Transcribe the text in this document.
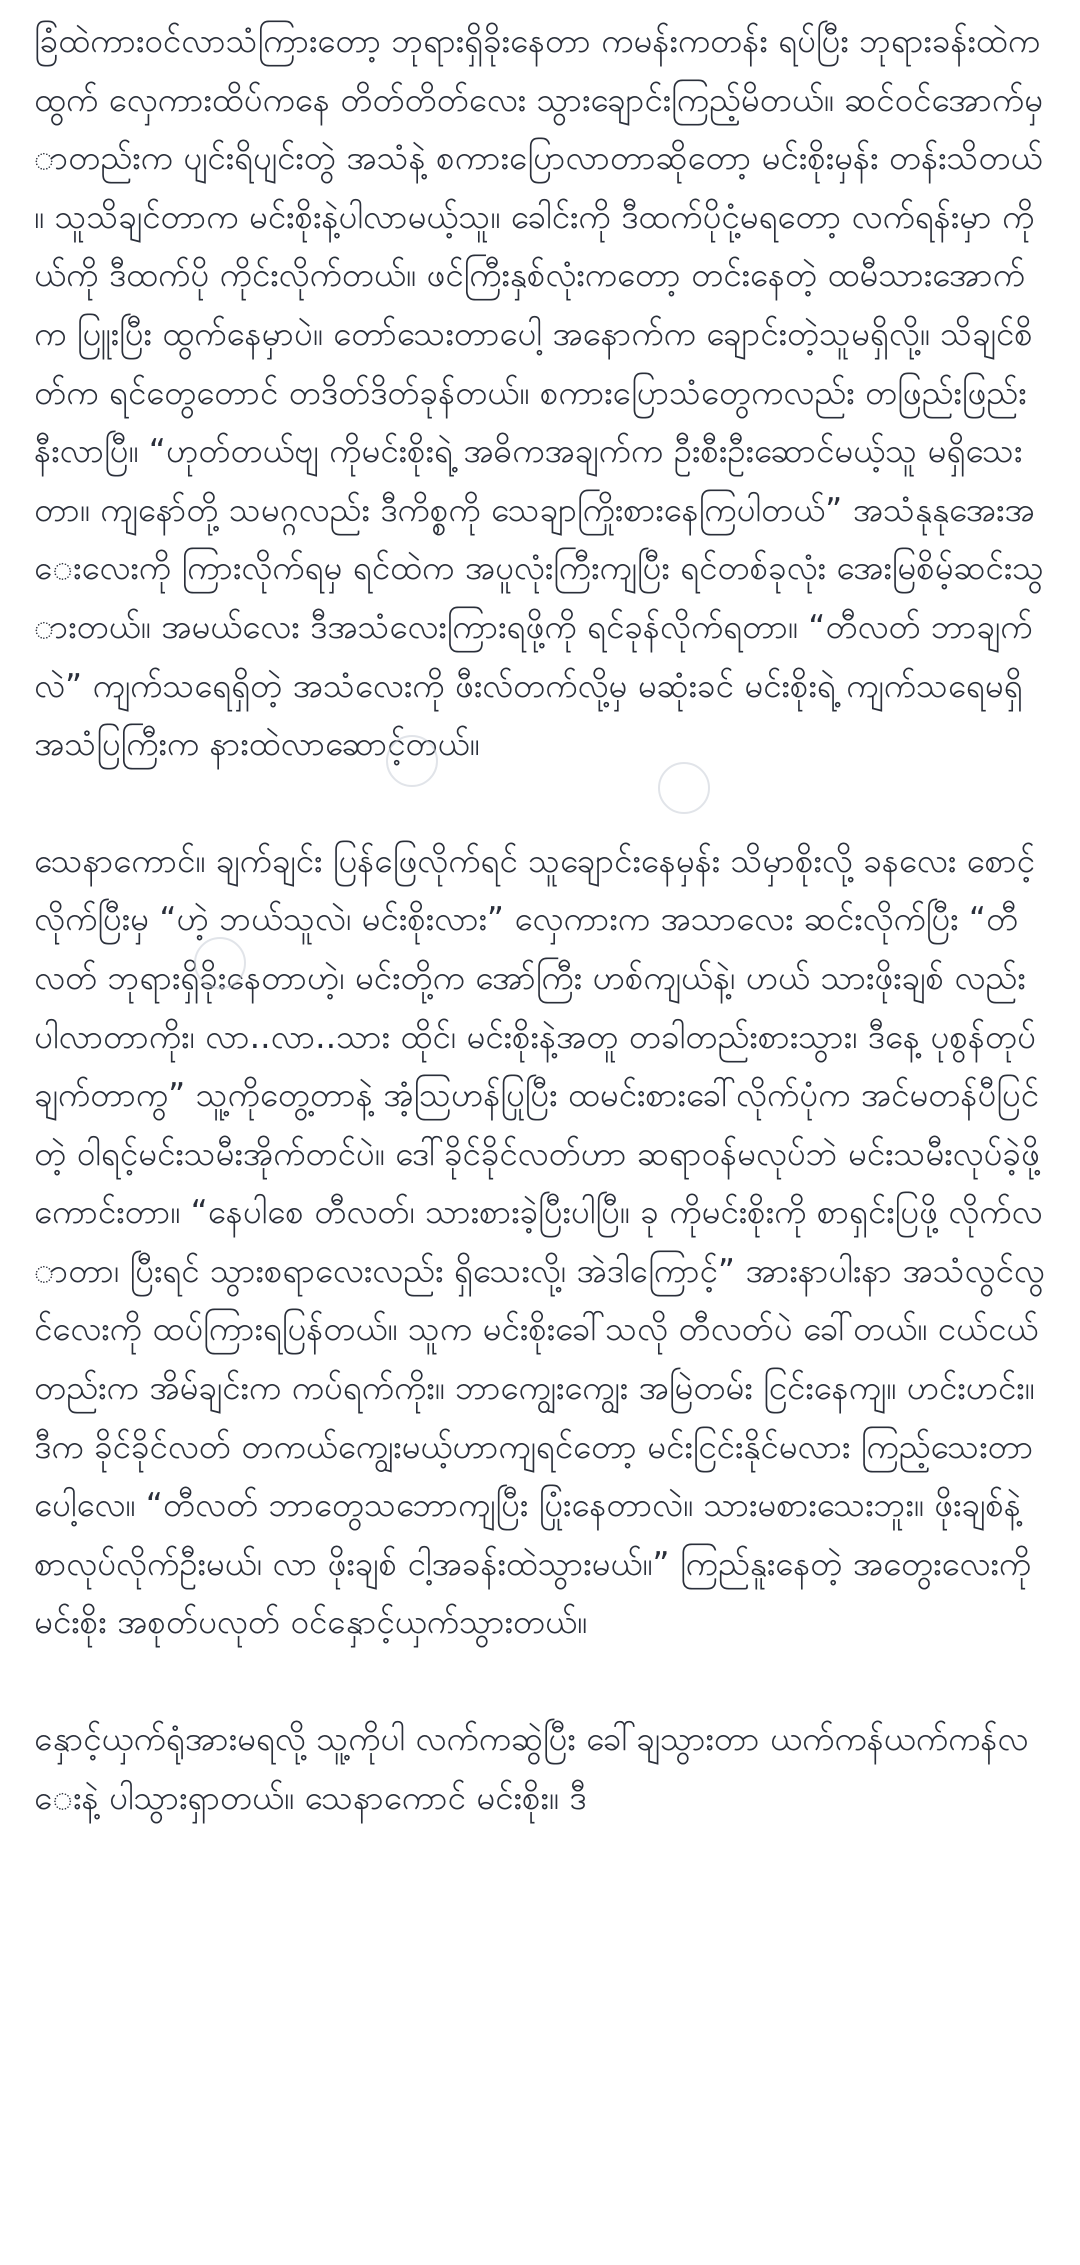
ခြံထဲကားဝင်လာသံကြားတော့ ဘုရားရှိခိုးနေတာ ကမန်းကတန်း ရပ်ပြီး ဘုရားခန်းထဲကထွက် လှေကားထိပ်ကနေ တိတ်တိတ်လေး သွားချောင်းကြည့်မိတယ်။ ဆင်ဝင်အောက်မှာတည်းက ပျင်းရိပျင်းတွဲ အသံနဲ့ စကားပြောလာတာဆိုတော့ မင်းစိုးမှန်း တန်းသိတယ်။ သူသိချင်တာက မင်းစိုးနဲ့ပါလာမယ့်သူ။ ခေါင်းကို ဒီထက်ပိုငုံ့မရတော့ လက်ရန်းမှာ ကိုယ်ကို ဒီထက်ပို ကိုင်းလိုက်တယ်။ ဖင်ကြီးနှစ်လုံးကတော့ တင်းနေတဲ့ ထမီသားအောက်က ပြူးပြီး ထွက်နေမှာပဲ။ တော်သေးတာပေါ့ အနောက်က ချောင်းတဲ့သူမရှိလို့။ သိချင်စိတ်က ရင်တွေတောင် တဒိတ်ဒိတ်ခုန်တယ်။ စကားပြောသံတွေကလည်း တဖြည်းဖြည်း နီးလာပြီ။ “ဟုတ်တယ်ဗျ ကိုမင်းစိုးရဲ့ အဓိကအချက်က ဦးစီးဦးဆောင်မယ့်သူ မရှိသေးတာ။ ကျနော်တို့ သမဂ္ဂလည်း ဒီကိစ္စကို သေချာကြိုးစားနေကြပါတယ်” အသံနုနုအေးအေးလေးကို ကြားလိုက်ရမှ ရင်ထဲက အပူလုံးကြီးကျပြီး ရင်တစ်ခုလုံး အေးမြစိမ့်ဆင်းသွားတယ်။ အမယ်လေး ဒီအသံလေးကြားရဖို့ကို ရင်ခုန်လိုက်ရတာ။ “တီလတ် ဘာချက်လဲ” ကျက်သရေရှိတဲ့ အသံလေးကို ဖီးလ်တက်လို့မှ မဆုံးခင် မင်းစိုးရဲ့ ကျက်သရေမရှိ အသံပြကြီးက နားထဲလာဆောင့်တယ်။

သေနာကောင်။ ချက်ချင်း ပြန်ဖြေလိုက်ရင် သူချောင်းနေမှန်း သိမှာစိုးလို့ ခနလေး စောင့်လိုက်ပြီးမှ “ဟဲ့ ဘယ်သူလဲ၊ မင်းစိုးလား” လှေကားက အသာလေး ဆင်းလိုက်ပြီး “တီလတ် ဘုရားရှိခိုးနေတာဟဲ့၊ မင်းတို့က အော်ကြီး ဟစ်ကျယ်နဲ့၊ ဟယ် သားဖိုးချစ် လည်း ပါလာတာကိုး၊ လာ..လာ..သား ထိုင်၊ မင်းစိုးနဲ့အတူ တခါတည်းစားသွား၊ ဒီနေ့ ပုစွန်တုပ် ချက်တာကွ” သူ့ကိုတွေ့တာနဲ့ အံ့သြဟန်ပြုပြီး ထမင်းစားခေါ်လိုက်ပုံက အင်မတန်ပီပြင်တဲ့ ဝါရင့်မင်းသမီးအိုက်တင်ပဲ။ ဒေါ်ခိုင်ခိုင်လတ်ဟာ ဆရာဝန်မလုပ်ဘဲ မင်းသမီးလုပ်ခဲ့ဖို့ ကောင်းတာ။ “နေပါစေ တီလတ်၊ သားစားခဲ့ပြီးပါပြီ။ ခု ကိုမင်းစိုးကို စာရှင်းပြဖို့ လိုက်လာတာ၊ ပြီးရင် သွားစရာလေးလည်း ရှိသေးလို့၊ အဲဒါကြောင့်” အားနာပါးနာ အသံလွင်လွင်လေးကို ထပ်ကြားရပြန်တယ်။ သူက မင်းစိုးခေါ်သလို တီလတ်ပဲ ခေါ်တယ်။ ငယ်ငယ်တည်းက အိမ်ချင်းက ကပ်ရက်ကိုး။ ဘာကျွေးကျွေး အမြဲတမ်း ငြင်းနေကျ။ ဟင်းဟင်း။ ဒီက ခိုင်ခိုင်လတ် တကယ်ကျွေးမယ့်ဟာကျရင်တော့ မင်းငြင်းနိုင်မလား ကြည့်သေးတာပေါ့လေ။ “တီလတ် ဘာတွေသဘောကျပြီး ပြုံးနေတာလဲ။ သားမစားသေးဘူး။ ဖိုးချစ်နဲ့ စာလုပ်လိုက်ဦးမယ်၊ လာ ဖိုးချစ် ငါ့အခန်းထဲသွားမယ်။” ကြည်နူးနေတဲ့ အတွေးလေးကို မင်းစိုး အစုတ်ပလုတ် ဝင်နှောင့်ယှက်သွားတယ်။

နှောင့်ယှက်ရုံအားမရလို့ သူ့ကိုပါ လက်ကဆွဲပြီး ခေါ်ချသွားတာ ယက်ကန်ယက်ကန်လေးနဲ့ ပါသွားရှာတယ်။ သေနာကောင် မင်းစိုး။ ဒီ
